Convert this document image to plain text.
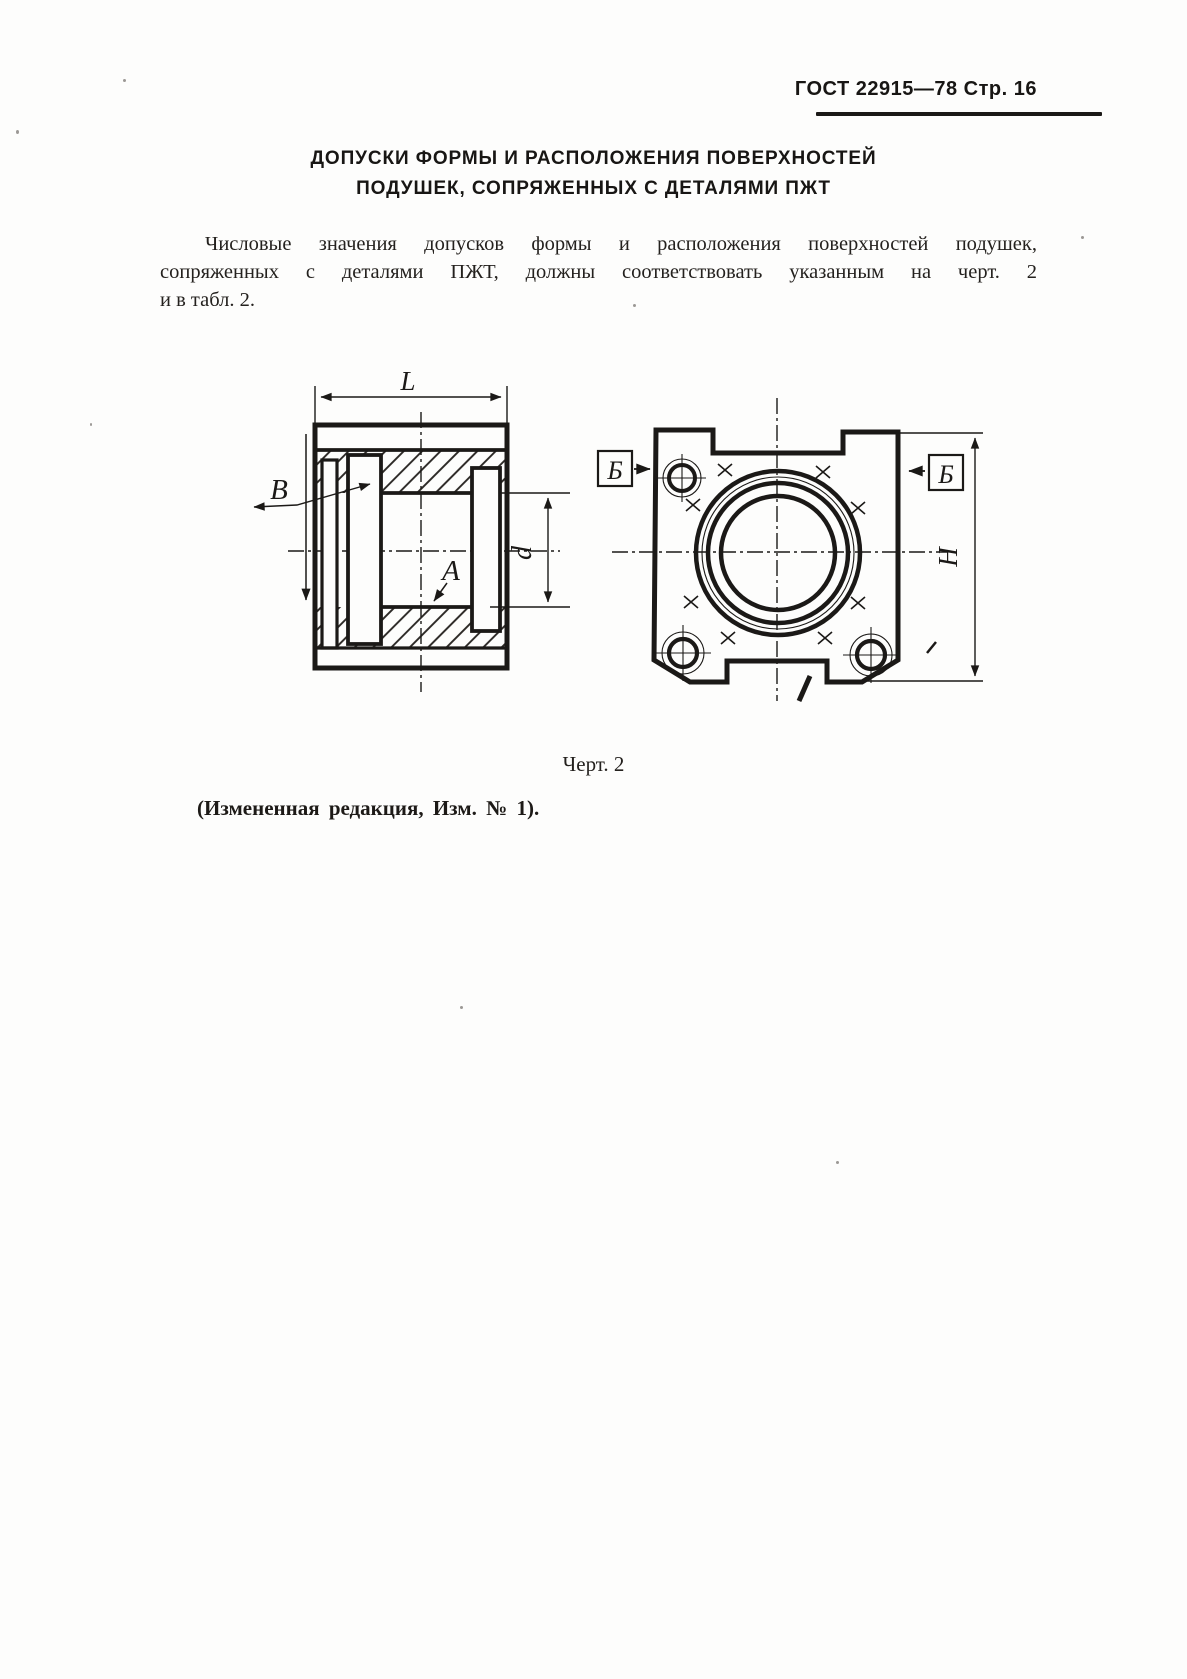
ГОСТ 22915—78 Стр. 16
ДОПУСКИ ФОРМЫ И РАСПОЛОЖЕНИЯ ПОВЕРХНОСТЕЙ
ПОДУШЕК, СОПРЯЖЕННЫХ С ДЕТАЛЯМИ ПЖТ
Числовые значения допусков формы и расположения поверхностей подушек,
сопряженных с деталями ПЖТ, должны соответствовать указанным на черт. 2
и в табл. 2.
L
d
А
В
Б	Б
Н
Черт. 2
(Измененная редакция, Изм. № 1).
